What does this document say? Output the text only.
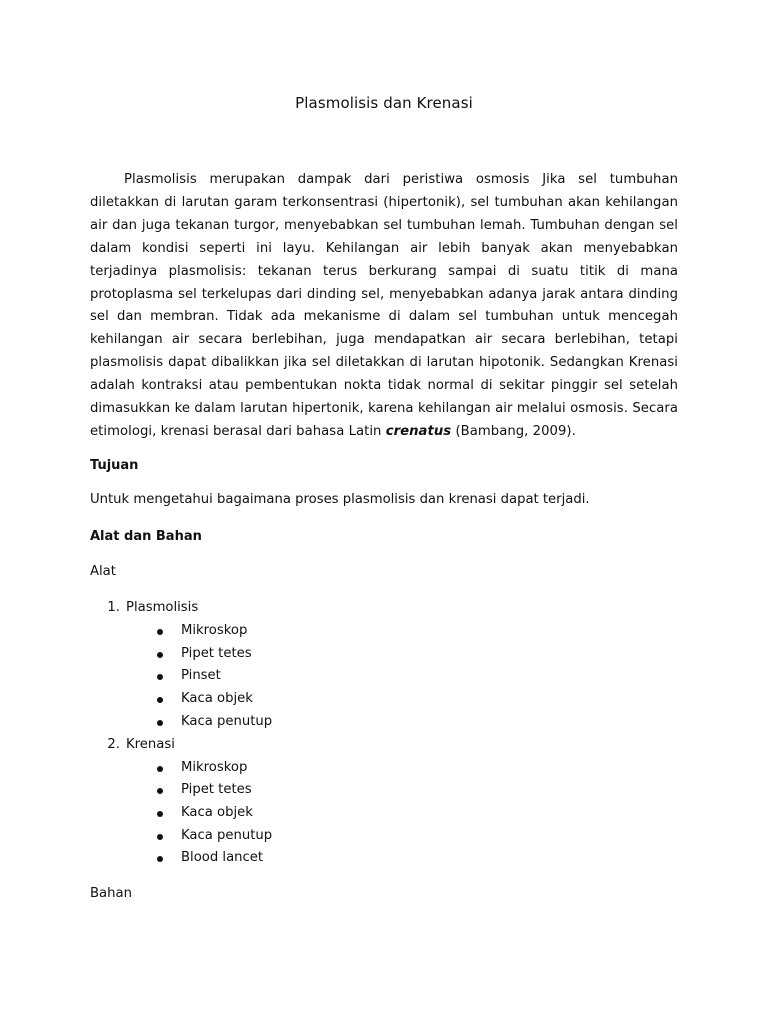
Plasmolisis dan Krenasi
Plasmolisis merupakan dampak dari peristiwa osmosis Jika sel tumbuhan diletakkan di larutan garam terkonsentrasi (hipertonik), sel tumbuhan akan kehilangan air dan juga tekanan turgor, menyebabkan sel tumbuhan lemah. Tumbuhan dengan sel dalam kondisi seperti ini layu. Kehilangan air lebih banyak akan menyebabkan terjadinya plasmolisis: tekanan terus berkurang sampai di suatu titik di mana protoplasma sel terkelupas dari dinding sel, menyebabkan adanya jarak antara dinding sel dan membran. Tidak ada mekanisme di dalam sel tumbuhan untuk mencegah kehilangan air secara berlebihan, juga mendapatkan air secara berlebihan, tetapi plasmolisis dapat dibalikkan jika sel diletakkan di larutan hipotonik. Sedangkan Krenasi adalah kontraksi atau pembentukan nokta tidak normal di sekitar pinggir sel setelah dimasukkan ke dalam larutan hipertonik, karena kehilangan air melalui osmosis. Secara etimologi, krenasi berasal dari bahasa Latin crenatus (Bambang, 2009).
Tujuan
Untuk mengetahui bagaimana proses plasmolisis dan krenasi dapat terjadi.
Alat dan Bahan
Alat
1. Plasmolisis
Mikroskop
Pipet tetes
Pinset
Kaca objek
Kaca penutup
2. Krenasi
Mikroskop
Pipet tetes
Kaca objek
Kaca penutup
Blood lancet
Bahan
